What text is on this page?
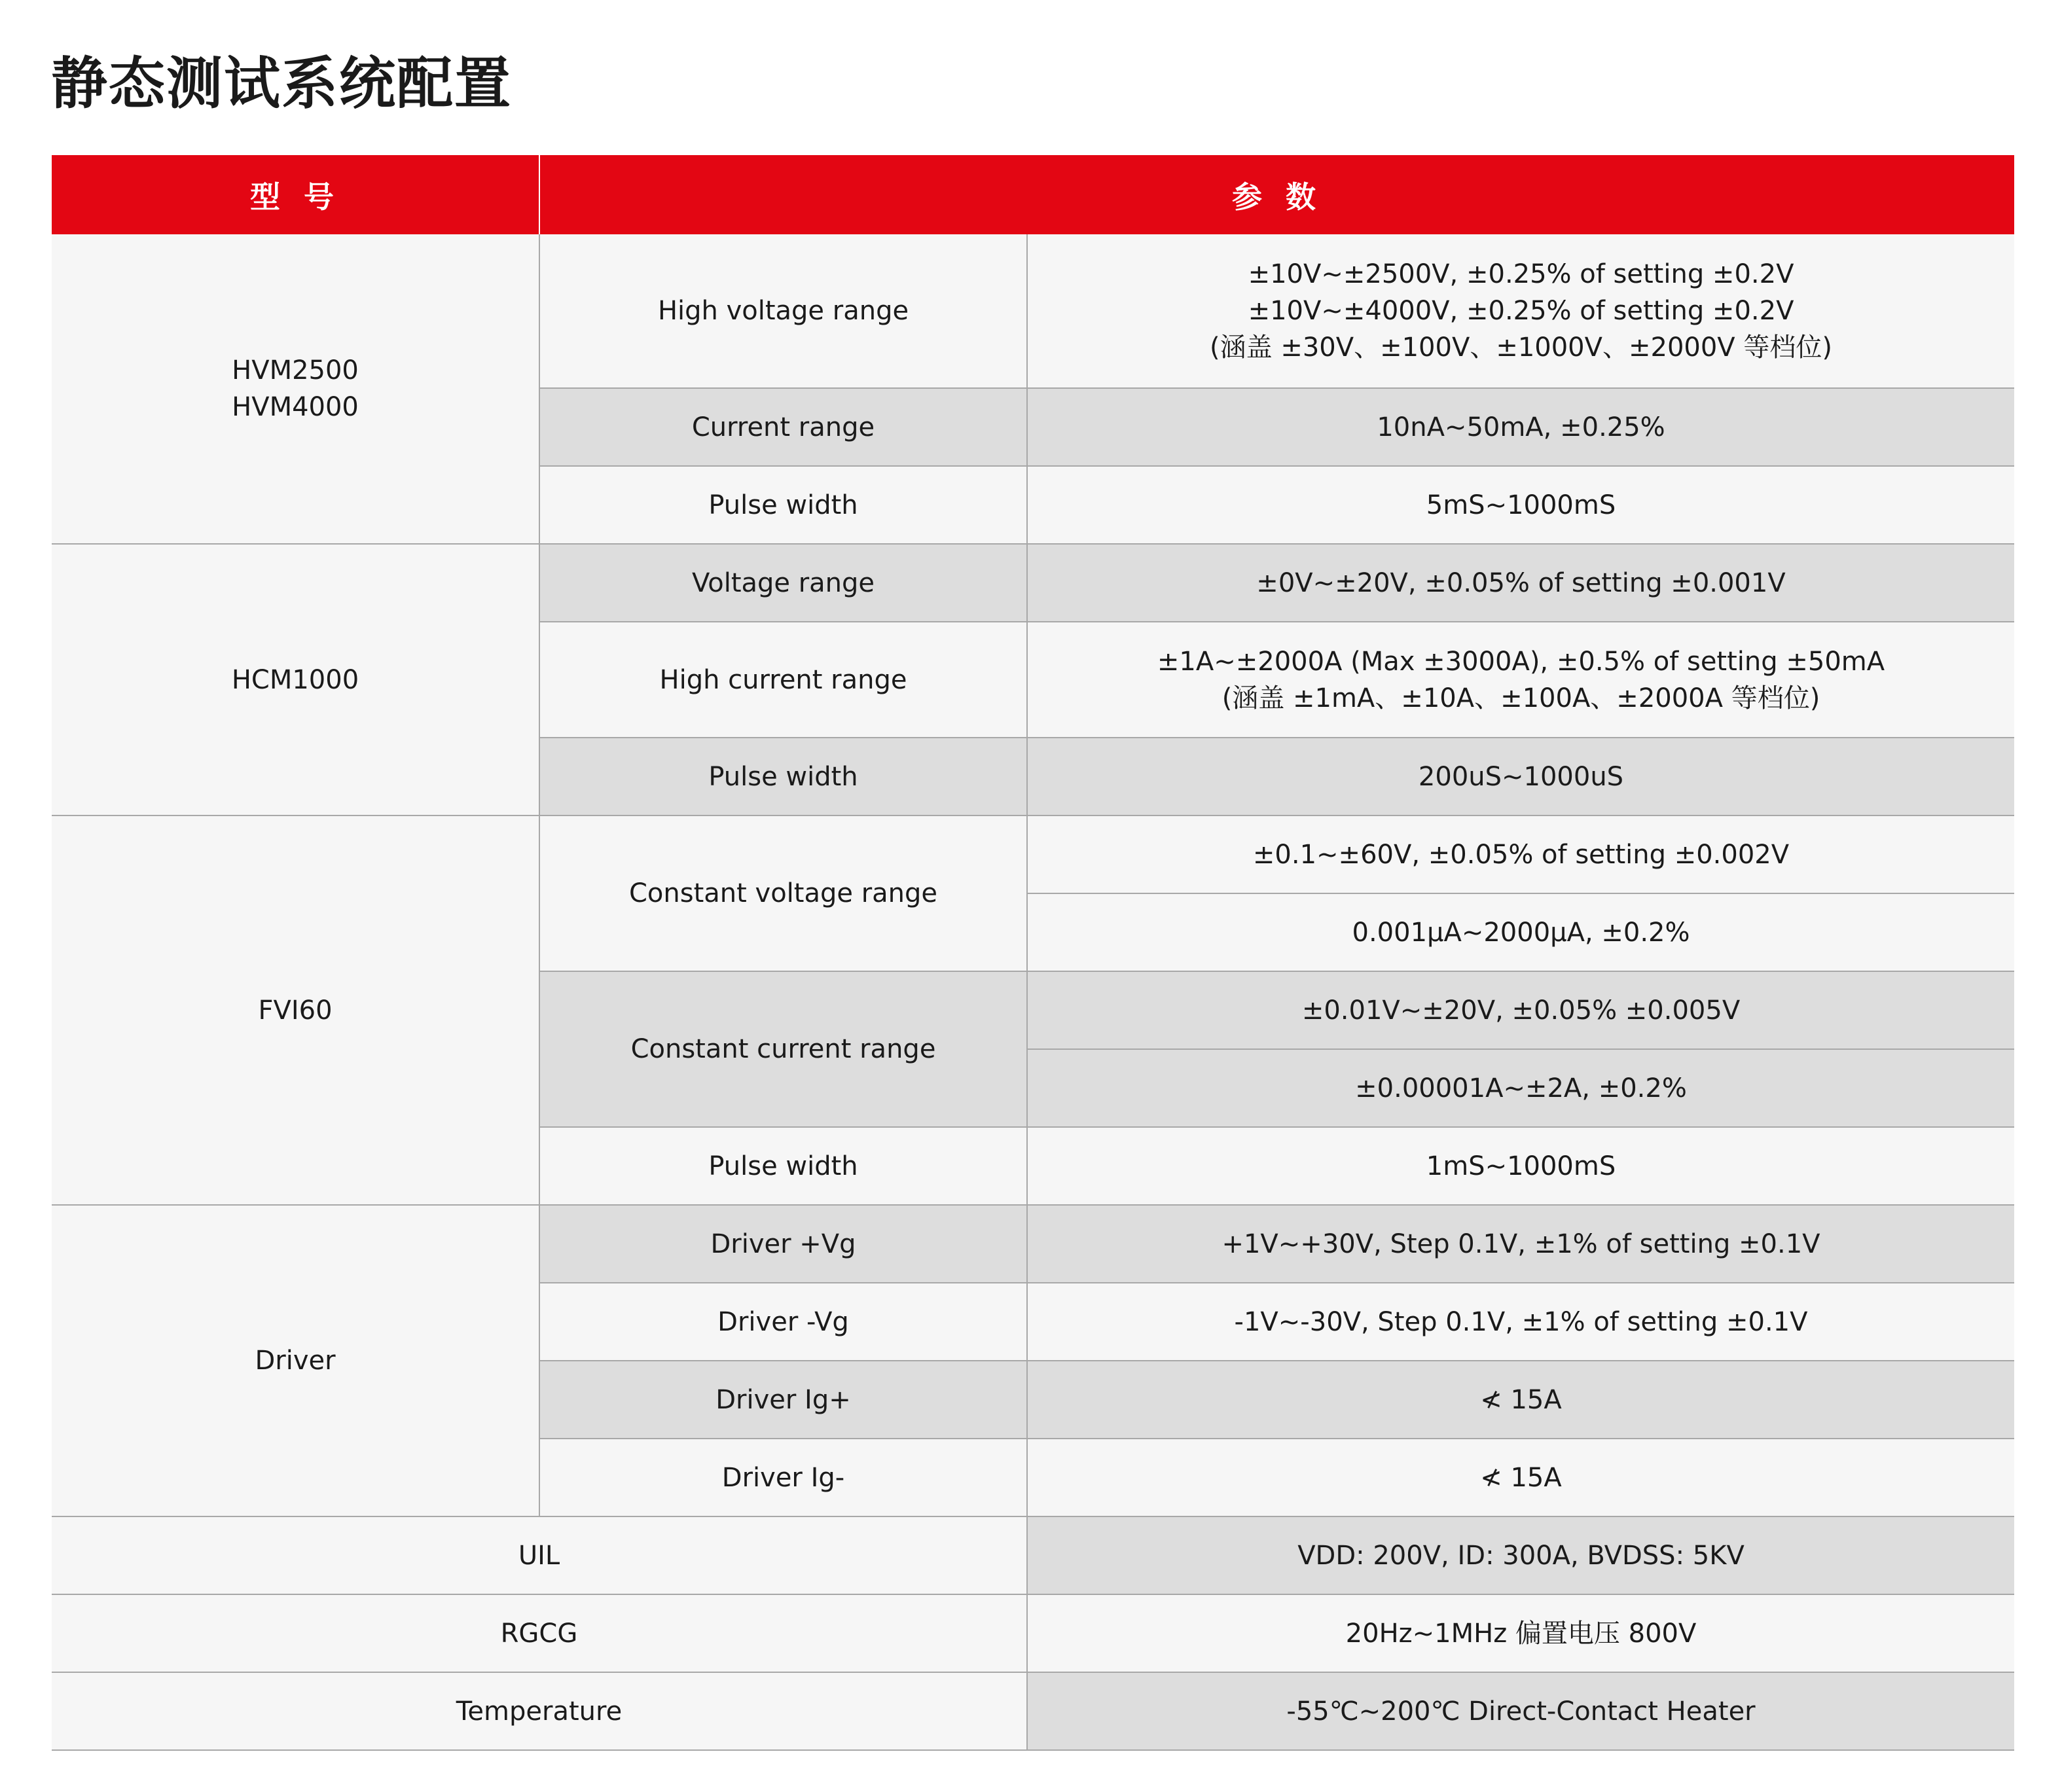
静态测试系统配置
型 号	参 数	

HVM2500
HVM4000	High voltage range	±10V~±2500V, ±0.25% of setting ±0.2V
±10V~±4000V, ±0.25% of setting ±0.2V
(涵盖 ±30V、±100V、±1000V、±2000V 等档位)

	Current range	10nA~50mA, ±0.25%
	Pulse width	5mS~1000mS
HCM1000	Voltage range	±0V~±20V, ±0.05% of setting ±0.001V
	High current range	±1A~±2000A (Max ±3000A), ±0.5% of setting ±50mA
(涵盖 ±1mA、±10A、±100A、±2000A 等档位)

	Pulse width	200uS~1000uS
FVI60	Constant voltage range	±0.1~±60V, ±0.05% of setting ±0.002V
		0.001μA~2000μA, ±0.2%
	Constant current range	±0.01V~±20V, ±0.05% ±0.005V
		±0.00001A~±2A, ±0.2%
	Pulse width	1mS~1000mS
Driver	Driver +Vg	+1V~+30V, Step 0.1V, ±1% of setting ±0.1V
	Driver -Vg	-1V~-30V, Step 0.1V, ±1% of setting ±0.1V
	Driver Ig+	≮ 15A
	Driver Ig-	≮ 15A
UIL		VDD: 200V, ID: 300A, BVDSS: 5KV
RGCG		20Hz~1MHz 偏置电压 800V
Temperature		-55℃~200℃ Direct-Contact Heater
